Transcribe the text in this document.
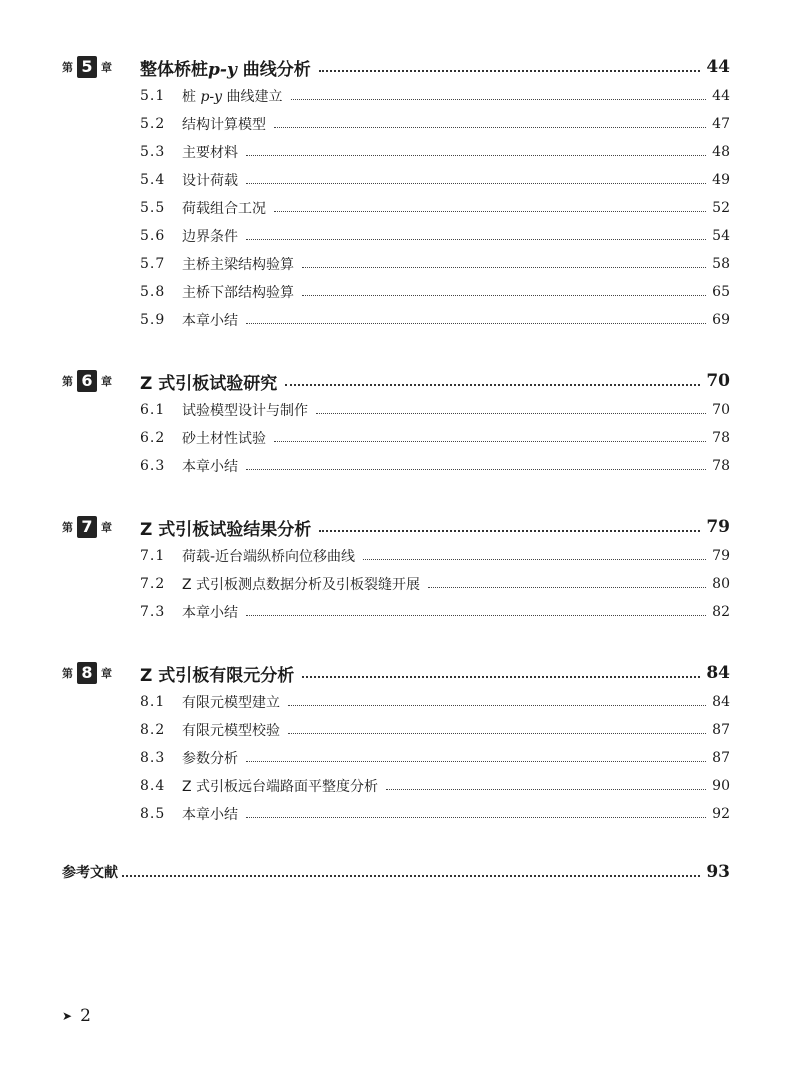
第 5 章 整体桥桩p-y 曲线分析	44
5.1	桩 p-y 曲线建立	44
5.2	结构计算模型	47
5.3	主要材料	48
5.4	设计荷载	49
5.5	荷载组合工况	52
5.6	边界条件	54
5.7	主桥主梁结构验算	58
5.8	主桥下部结构验算	65
5.9	本章小结	69
第 6 章 Z 式引板试验研究	70
6.1	试验模型设计与制作	70
6.2	砂土材性试验	78
6.3	本章小结	78
第 7 章 Z 式引板试验结果分析	79
7.1	荷载-近台端纵桥向位移曲线	79
7.2	Z 式引板测点数据分析及引板裂缝开展	80
7.3	本章小结	82
第 8 章 Z 式引板有限元分析	84
8.1	有限元模型建立	84
8.2	有限元模型校验	87
8.3	参数分析	87
8.4	Z 式引板远台端路面平整度分析	90
8.5	本章小结	92
参考文献	93
➤ 2
